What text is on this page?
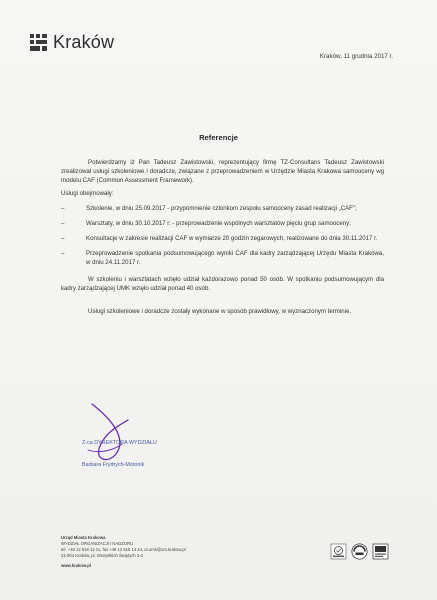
Kraków
Kraków, 11 grudnia 2017 r.
Referencje

Potwierdzamy iż Pan Tadeusz Zawistowski, reprezentujący firmę TZ-Consultans Tadeusz Zawistowski zrealizował usługi szkoleniowe i doradcze, związane z przeprowadzeniem w Urzędzie Miasta Krakowa samooceny wg modelu CAF (Common Assessment Framework).

Usługi obejmowały:

–	Szkolenie, w dniu 25.09.2017 - przypomnienie członkom zespołu samooceny zasad realizacji „CAF";
–	Warsztaty, w dniu 30.10.2017 r. - przeprowadzenie wspólnych warsztatów pięciu grup samooceny;
–	Konsultacje w zakresie realizacji CAF w wymiarze 20 godzin zegarowych, realizowane do dnia 30.11.2017 r.
–	Przeprowadzenie spotkania podsumowującego wyniki CAF dla kadry zarządzającej Urzędu Miasta Krakowa, w dniu 24.11.2017 r.

W szkoleniu i warsztatach wzięło udział każdorazowo ponad 50 osób. W spotkaniu podsumowującym dla kadry zarządzającej UMK wzięło udział ponad 40 osób.

Usługi szkoleniowe i doradcze zostały wykonane w sposób prawidłowy, w wyznaczonym terminie.

Z-ca DYREKTORA WYDZIAŁU
Barbara Frydrych-Motonik
Urząd Miasta Krakowa
WYDZIAŁ ORGANIZACJI I NADZORU
tel. +48 12 616 12 11, fax +48 12 616 14 44, or.umk@um.krakow.pl
31-004 Kraków, pl. Wszystkich Świętych 3-4
www.krakow.pl
